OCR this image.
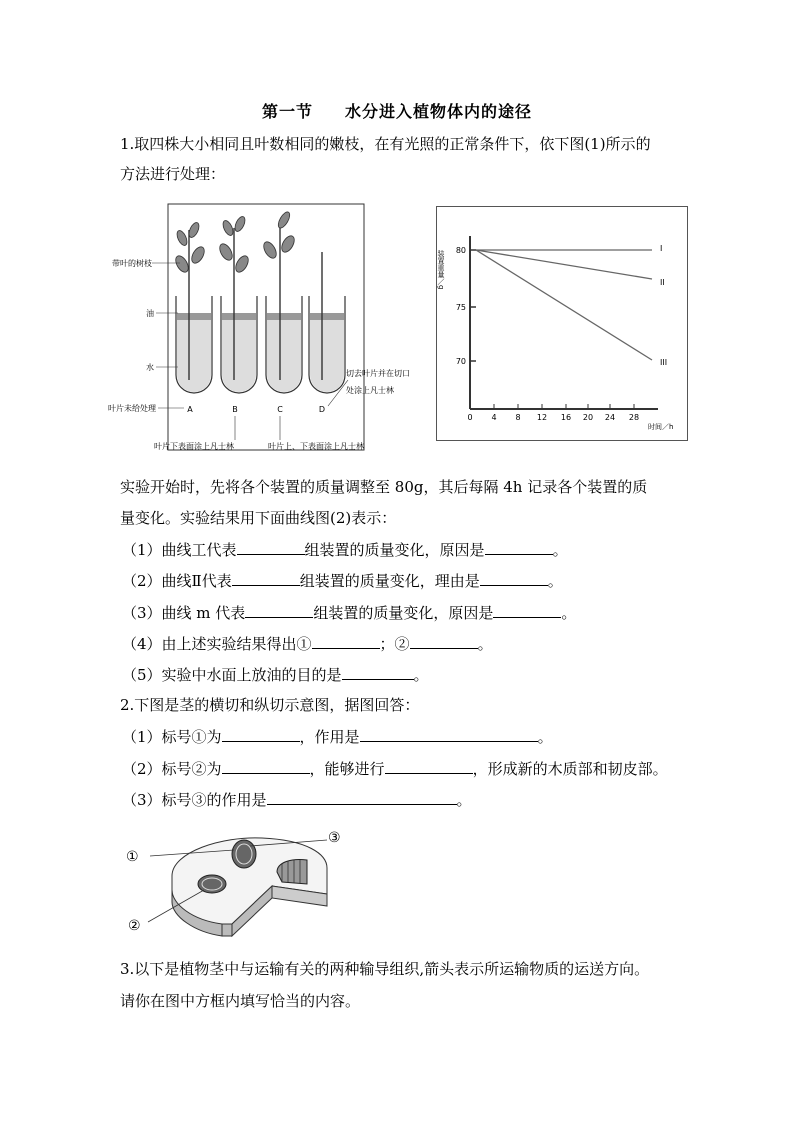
第一节 水分进入植物体内的途径
1.取四株大小相同且叶数相同的嫩枝，在有光照的正常条件下，依下图(1)所示的
方法进行处理：
A	B	C	D
带叶的树枝
油
水
叶片未给处理
切去叶片并在切口
处涂上凡士林
叶片下表面涂上凡士林	叶片上、下表面涂上凡士林
装置重量／g 80
75
70
0 4 8 12 16 20 24 28
时间／h
I
II
III
实验开始时，先将各个装置的质量调整至 80g，其后每隔 4h 记录各个装置的质
量变化。实验结果用下面曲线图(2)表示：
（1）曲线工代表	组装置的质量变化，原因是	。
（2）曲线Ⅱ代表	组装置的质量变化，理由是	。
（3）曲线 m 代表	组装置的质量变化，原因是	。
（4）由上述实验结果得出①	；②	。
（5）实验中水面上放油的目的是	。
2.下图是茎的横切和纵切示意图，据图回答：
（1）标号①为	，作用是	。
（2）标号②为	，能够进行	，形成新的木质部和韧皮部。
（3）标号③的作用是	。
①
②
③
3.以下是植物茎中与运输有关的两种输导组织,箭头表示所运输物质的运送方向。
请你在图中方框内填写恰当的内容。
